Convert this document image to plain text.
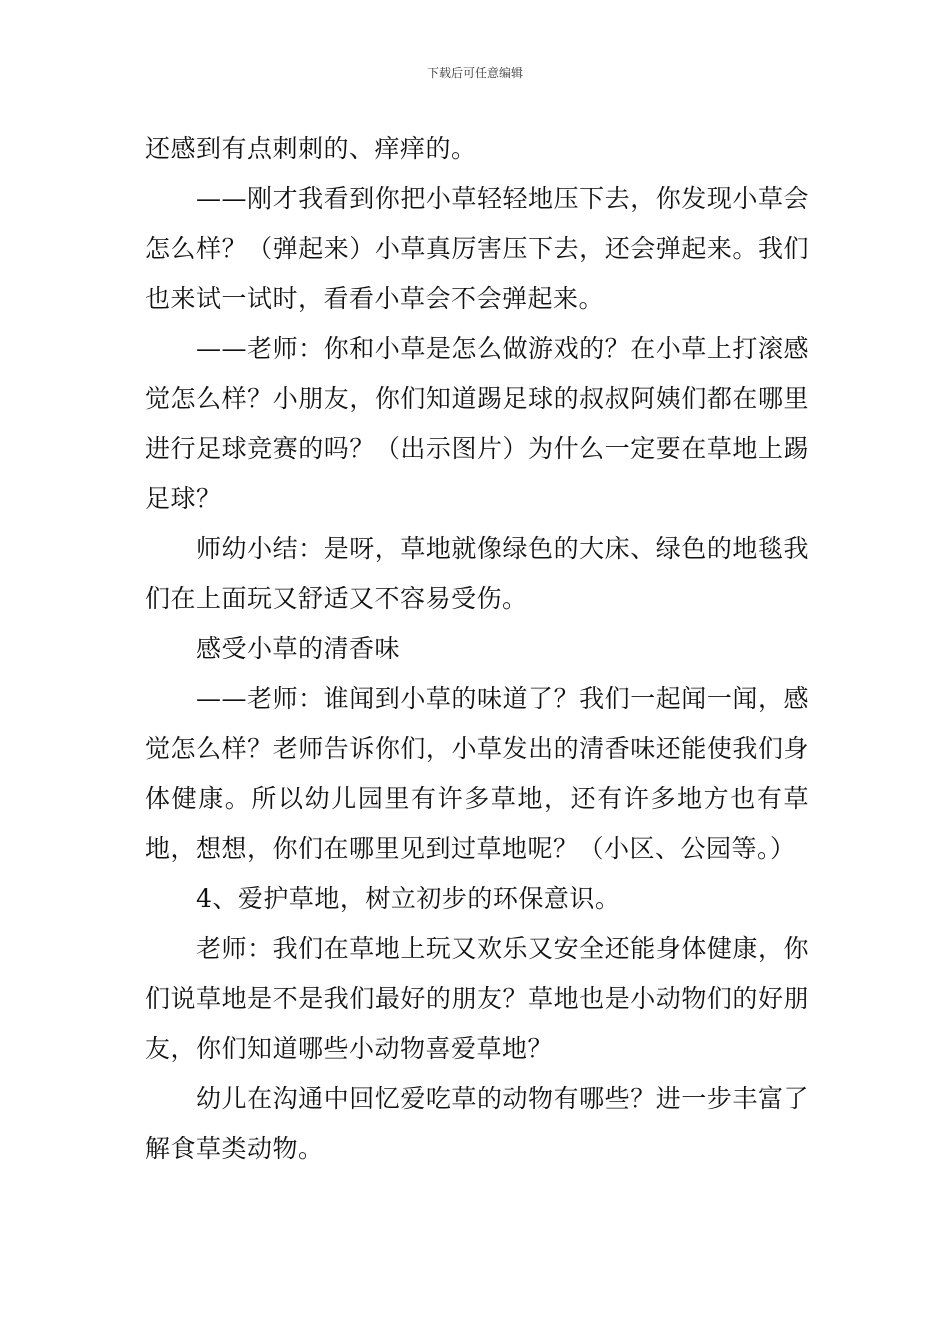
下载后可任意编辑

还感到有点刺刺的、痒痒的。

——刚才我看到你把小草轻轻地压下去，你发现小草会怎么样？（弹起来）小草真厉害压下去，还会弹起来。我们也来试一试时，看看小草会不会弹起来。

——老师：你和小草是怎么做游戏的？在小草上打滚感觉怎么样？小朋友，你们知道踢足球的叔叔阿姨们都在哪里进行足球竞赛的吗？（出示图片）为什么一定要在草地上踢足球？

师幼小结：是呀，草地就像绿色的大床、绿色的地毯我们在上面玩又舒适又不容易受伤。

感受小草的清香味

——老师：谁闻到小草的味道了？我们一起闻一闻，感觉怎么样？老师告诉你们，小草发出的清香味还能使我们身体健康。所以幼儿园里有许多草地，还有许多地方也有草地，想想，你们在哪里见到过草地呢？（小区、公园等。）

4、爱护草地，树立初步的环保意识。

老师：我们在草地上玩又欢乐又安全还能身体健康，你们说草地是不是我们最好的朋友？草地也是小动物们的好朋友，你们知道哪些小动物喜爱草地？

幼儿在沟通中回忆爱吃草的动物有哪些？进一步丰富了解食草类动物。
